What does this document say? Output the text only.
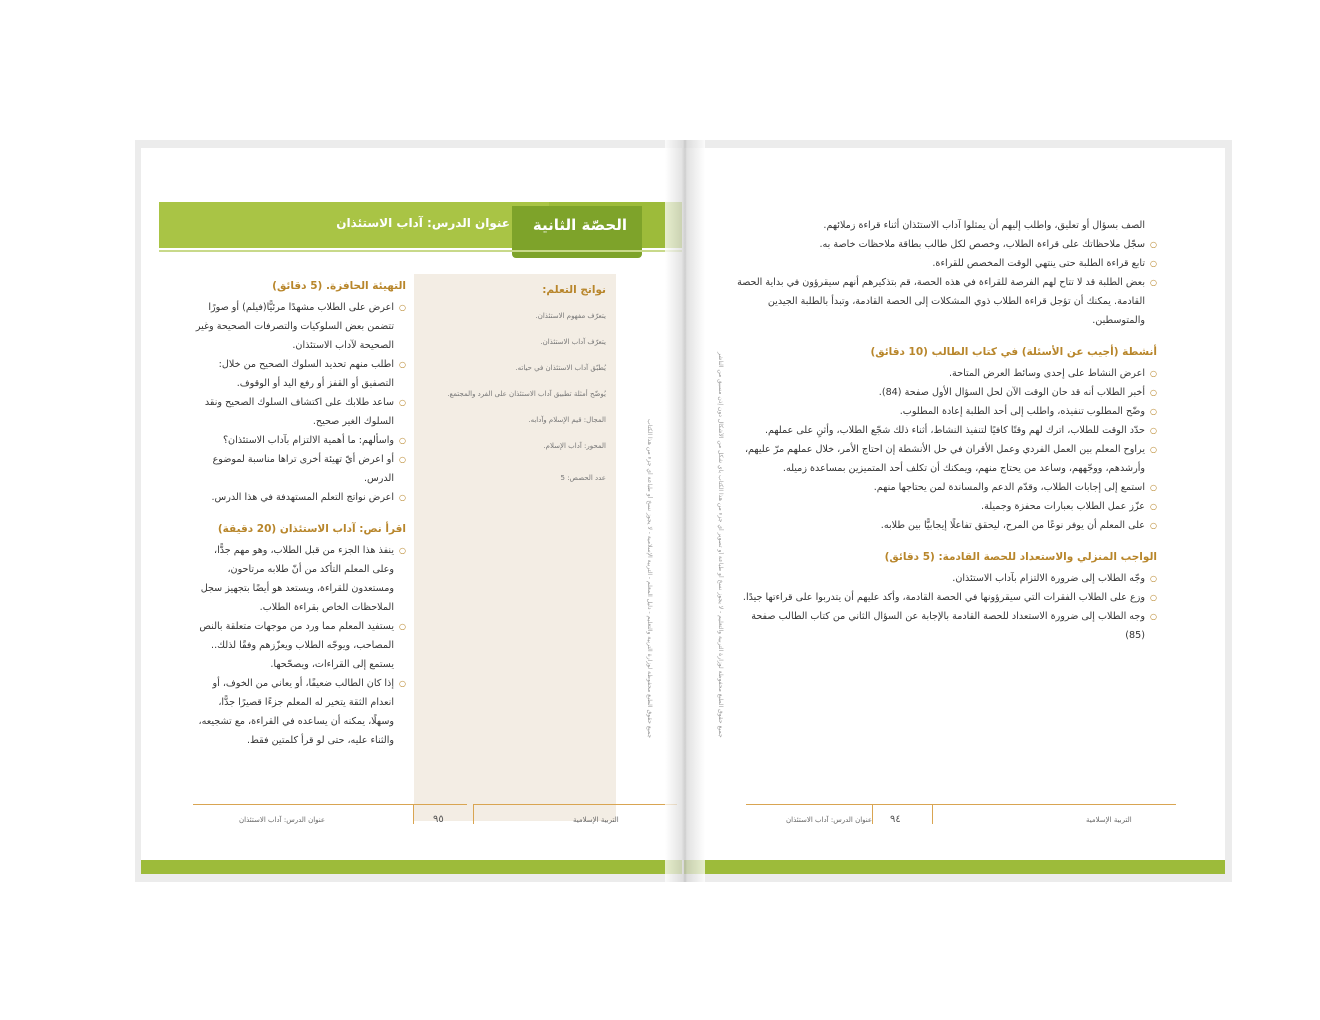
الحصّة الثانية
عنوان الدرس: آداب الاستئذان
التهيئة الحافزة. (5 دقائق)
○ اعرض على الطلاب مشهدًا مرئيًّا(فيلم) أو صورًا تتضمن بعض السلوكيات والتصرفات الصحيحة وغير الصحيحة لآداب الاستئذان.
○ اطلب منهم تحديد السلوك الصحيح من خلال: التصفيق أو القفز أو رفع اليد أو الوقوف.
○ ساعد طلابك على اكتشاف السلوك الصحيح ونقد السلوك الغير صحيح.
○ واسألهم: ما أهمية الالتزام بآداب الاستئذان؟
○ أو اعرض أيّ تهيئة أخرى تراها مناسبة لموضوع الدرس.
○ اعرض نواتج التعلم المستهدفة في هذا الدرس.
اقرأ نص: آداب الاستئذان (20 دقيقة)
○ ينفذ هذا الجزء من قبل الطلاب، وهو مهم جدًّا، وعلى المعلم التأكد من أنّ طلابه مرتاحون، ومستعدون للقراءة، ويستعد هو أيضًا بتجهيز سجل الملاحظات الخاص بقراءة الطلاب.
○ يستفيد المعلم مما ورد من موجهات متعلقة بالنص المصاحب، ويوجّه الطلاب ويعزّزهم وفقًا لذلك.. يستمع إلى القراءات، ويصحّحها.
○ إذا كان الطالب ضعيفًا، أو يعاني من الخوف، أو انعدام الثقة يتخير له المعلم جزءًا قصيرًا جدًّا، وسهلًا، يمكنه أن يساعده في القراءة، مع تشجيعه، والثناء عليه، حتى لو قرأ كلمتين فقط.
نواتج التعلم:
يتعرّف مفهوم الاستئذان.
يتعرّف آداب الاستئذان.
يُطبّق آداب الاستئذان في حياته.
يُوضّح أمثلة تطبيق آداب الاستئذان على الفرد والمجتمع.
المجال: قيم الإسلام وآدابه.
المحور: آداب الإسلام.
عدد الحصص: 5	جميع حقوق الطبع محفوظة لوزارة التربية والتعليم - دليل المعلم - التربية الإسلامية - لا يجوز نسخ أو طباعة أي جزء من هذا الكتاب
عنوان الدرس: آداب الاستئذان	٩٥	التربية الإسلامية
جميع حقوق الطبع محفوظة لوزارة التربية والتعليم - لا يجوز نسخ أو طباعة أو تصوير أي جزء من هذا الكتاب بأي شكل من الأشكال دون إذن مسبق من الناشر
الصف بسؤال أو تعليق، واطلب إليهم أن يمثلوا آداب الاستئذان أثناء قراءة زملائهم.
○ سجّل ملاحظاتك على قراءة الطلاب، وخصص لكل طالب بطاقة ملاحظات خاصة به.
○ تابع قراءة الطلبة حتى ينتهي الوقت المخصص للقراءة.
○ بعض الطلبة قد لا تتاح لهم الفرصة للقراءة في هذه الحصة، قم بتذكيرهم أنهم سيقرؤون في بداية الحصة القادمة. يمكنك أن تؤجل قراءة الطلاب ذوي المشكلات إلى الحصة القادمة، وتبدأ بالطلبة الجيدين والمتوسطين.
أنشطة (أجيب عن الأسئلة) في كتاب الطالب (10 دقائق)
○ اعرض النشاط على إحدى وسائط العرض المتاحة.
○ أخبر الطلاب أنه قد حان الوقت الآن لحل السؤال الأول صفحة (84).
○ وضّح المطلوب تنفيذه، واطلب إلى أحد الطلبة إعادة المطلوب.
○ حدّد الوقت للطلاب، اترك لهم وقتًا كافيًا لتنفيذ النشاط، أثناء ذلك شجّع الطلاب، وأثنِ على عملهم.
○ يراوح المعلم بين العمل الفردي وعمل الأقران في حل الأنشطة إن احتاج الأمر، خلال عملهم مرّ عليهم، وأرشدهم، ووجّههم، وساعد من يحتاج منهم، ويمكنك أن تكلف أحد المتميزين بمساعدة زميله.
○ استمع إلى إجابات الطلاب، وقدّم الدعم والمساندة لمن يحتاجها منهم.
○ عزّز عمل الطلاب بعبارات محفزة وجميلة.
○ على المعلم أن يوفر نوعًا من المرح، ليحقق تفاعلًا إيجابيًّا بين طلابه.
الواجب المنزلي والاستعداد للحصة القادمة: (5 دقائق)
○ وجّه الطلاب إلى ضرورة الالتزام بآداب الاستئذان.
○ وزع على الطلاب الفقرات التي سيقرؤونها في الحصة القادمة، وأكد عليهم أن يتدربوا على قراءتها جيدًا.
○ وجه الطلاب إلى ضرورة الاستعداد للحصة القادمة بالإجابة عن السؤال الثاني من كتاب الطالب صفحة (85)
عنوان الدرس: آداب الاستئذان ٩٤	التربية الإسلامية
